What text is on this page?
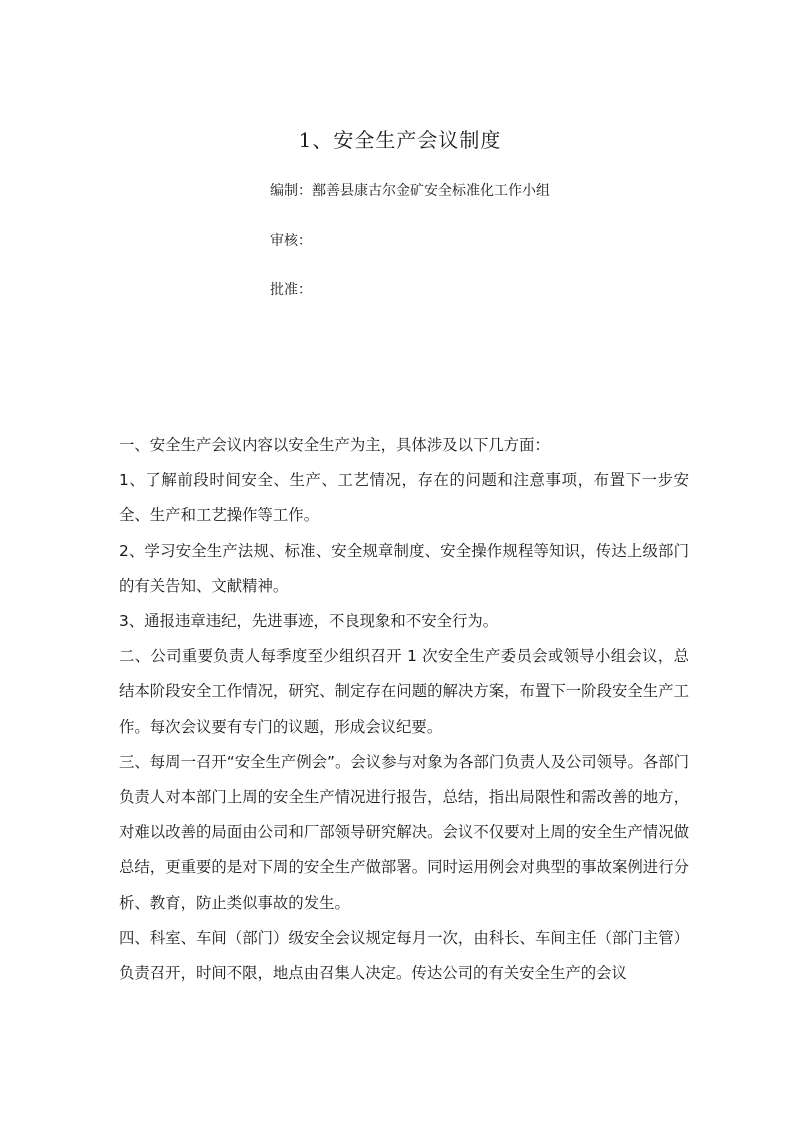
1、安全生产会议制度
编制：鄯善县康古尔金矿安全标准化工作小组
审核：
批准：

一、安全生产会议内容以安全生产为主，具体涉及以下几方面：

1、了解前段时间安全、生产、工艺情况，存在的问题和注意事项，布置下一步安全、生产和工艺操作等工作。

2、学习安全生产法规、标准、安全规章制度、安全操作规程等知识，传达上级部门的有关告知、文献精神。

3、通报违章违纪，先进事迹，不良现象和不安全行为。

二、公司重要负责人每季度至少组织召开 1 次安全生产委员会或领导小组会议，总结本阶段安全工作情况，研究、制定存在问题的解决方案，布置下一阶段安全生产工作。每次会议要有专门的议题，形成会议纪要。

三、每周一召开“安全生产例会”。会议参与对象为各部门负责人及公司领导。各部门负责人对本部门上周的安全生产情况进行报告，总结，指出局限性和需改善的地方，对难以改善的局面由公司和厂部领导研究解决。会议不仅要对上周的安全生产情况做总结，更重要的是对下周的安全生产做部署。同时运用例会对典型的事故案例进行分析、教育，防止类似事故的发生。

四、科室、车间（部门）级安全会议规定每月一次，由科长、车间主任（部门主管）负责召开，时间不限，地点由召集人决定。传达公司的有关安全生产的会议
